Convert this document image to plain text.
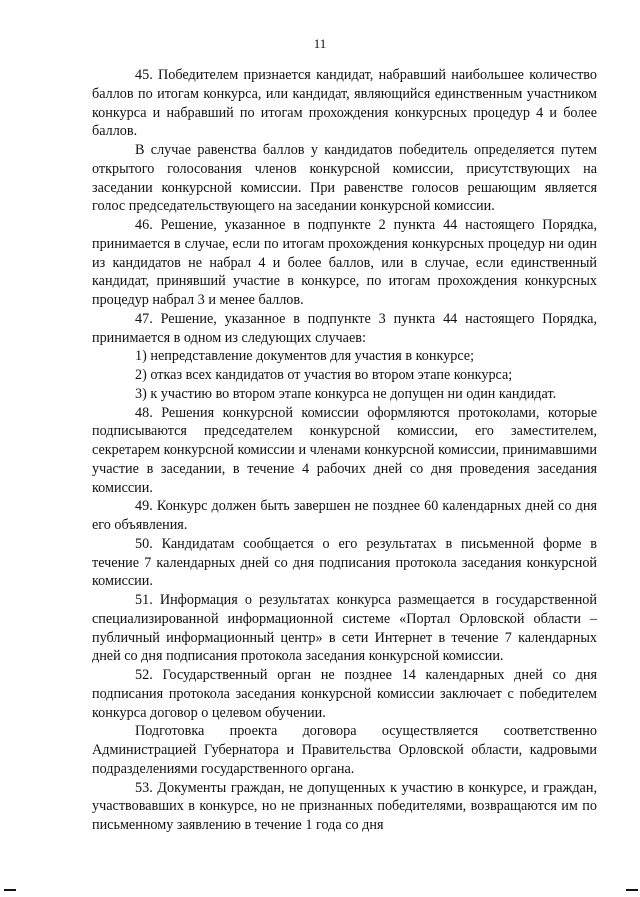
11

45. Победителем признается кандидат, набравший наибольшее количество баллов по итогам конкурса, или кандидат, являющийся единственным участником конкурса и набравший по итогам прохождения конкурсных процедур 4 и более баллов.

В случае равенства баллов у кандидатов победитель определяется путем открытого голосования членов конкурсной комиссии, присутствующих на заседании конкурсной комиссии. При равенстве голосов решающим является голос председательствующего на заседании конкурсной комиссии.

46. Решение, указанное в подпункте 2 пункта 44 настоящего Порядка, принимается в случае, если по итогам прохождения конкурсных процедур ни один из кандидатов не набрал 4 и более баллов, или в случае, если единственный кандидат, принявший участие в конкурсе, по итогам прохождения конкурсных процедур набрал 3 и менее баллов.

47. Решение, указанное в подпункте 3 пункта 44 настоящего Порядка, принимается в одном из следующих случаев:

1) непредставление документов для участия в конкурсе;

2) отказ всех кандидатов от участия во втором этапе конкурса;

3) к участию во втором этапе конкурса не допущен ни один кандидат.

48. Решения конкурсной комиссии оформляются протоколами, которые подписываются председателем конкурсной комиссии, его заместителем, секретарем конкурсной комиссии и членами конкурсной комиссии, принимавшими участие в заседании, в течение 4 рабочих дней со дня проведения заседания комиссии.

49. Конкурс должен быть завершен не позднее 60 календарных дней со дня его объявления.

50. Кандидатам сообщается о его результатах в письменной форме в течение 7 календарных дней со дня подписания протокола заседания конкурсной комиссии.

51. Информация о результатах конкурса размещается в государственной специализированной информационной системе «Портал Орловской области – публичный информационный центр» в сети Интернет в течение 7 календарных дней со дня подписания протокола заседания конкурсной комиссии.

52. Государственный орган не позднее 14 календарных дней со дня подписания протокола заседания конкурсной комиссии заключает с победителем конкурса договор о целевом обучении.

Подготовка проекта договора осуществляется соответственно Администрацией Губернатора и Правительства Орловской области, кадровыми подразделениями государственного органа.

53. Документы граждан, не допущенных к участию в конкурсе, и граждан, участвовавших в конкурсе, но не признанных победителями, возвращаются им по письменному заявлению в течение 1 года со дня
